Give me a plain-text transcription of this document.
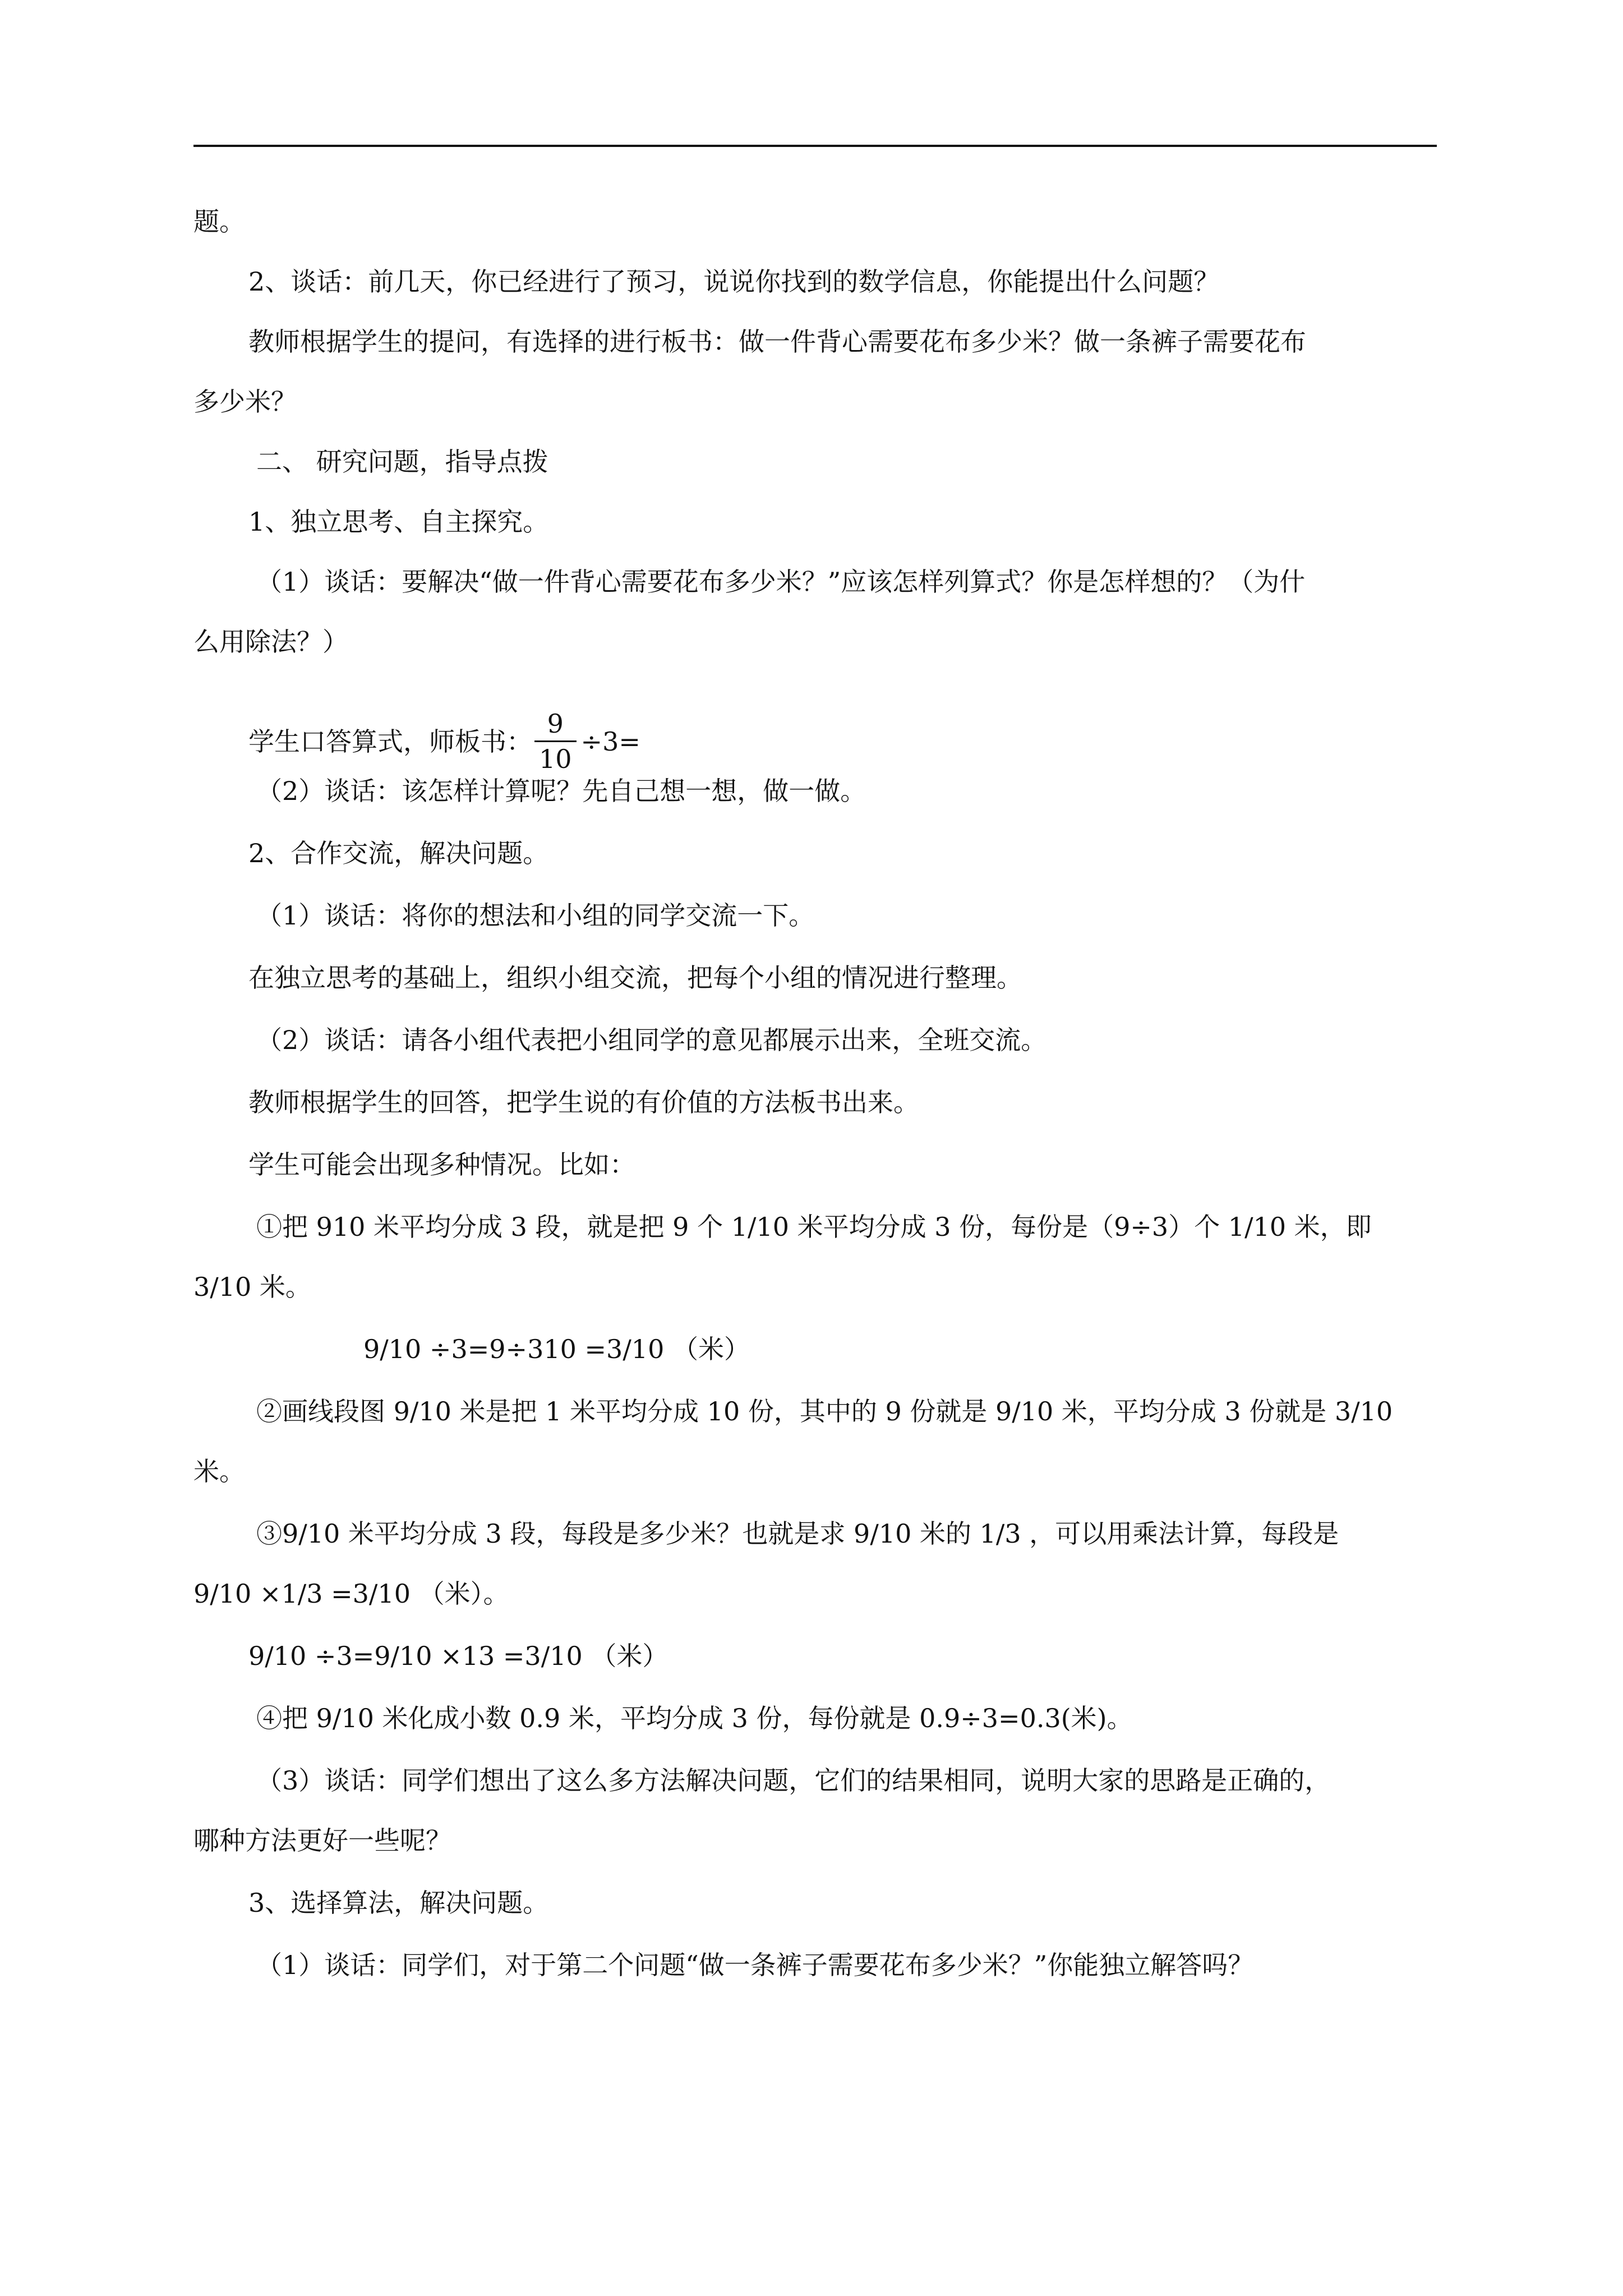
题。
2、谈话：前几天，你已经进行了预习，说说你找到的数学信息，你能提出什么问题？
教师根据学生的提问，有选择的进行板书：做一件背心需要花布多少米？做一条裤子需要花布
多少米？
二、 研究问题，指导点拨
1、独立思考、自主探究。
（1）谈话：要解决“做一件背心需要花布多少米？”应该怎样列算式？你是怎样想的？（为什
么用除法？）
学生口答算式，师板书： $\frac{9}{10} \div 3=$
（2）谈话：该怎样计算呢？先自己想一想，做一做。
2、合作交流，解决问题。
（1）谈话：将你的想法和小组的同学交流一下。
在独立思考的基础上，组织小组交流，把每个小组的情况进行整理。
（2）谈话：请各小组代表把小组同学的意见都展示出来，全班交流。
教师根据学生的回答，把学生说的有价值的方法板书出来。
学生可能会出现多种情况。比如：
①把 910 米平均分成 3 段，就是把 9 个 1/10 米平均分成 3 份，每份是（9÷3）个 1/10 米，即
3/10 米。
9/10 ÷3=9÷310 =3/10 （米）
②画线段图 9/10 米是把 1 米平均分成 10 份，其中的 9 份就是 9/10 米，平均分成 3 份就是 3/10
米。
③9/10 米平均分成 3 段，每段是多少米？也就是求 9/10 米的 1/3 ，可以用乘法计算，每段是
9/10 ×1/3 =3/10 （米）。
9/10 ÷3=9/10 ×13 =3/10 （米）
④把 9/10 米化成小数 0.9 米，平均分成 3 份，每份就是 0.9÷3=0.3(米)。
（3）谈话：同学们想出了这么多方法解决问题，它们的结果相同，说明大家的思路是正确的，
哪种方法更好一些呢？
3、选择算法，解决问题。
（1）谈话：同学们，对于第二个问题“做一条裤子需要花布多少米？”你能独立解答吗？
